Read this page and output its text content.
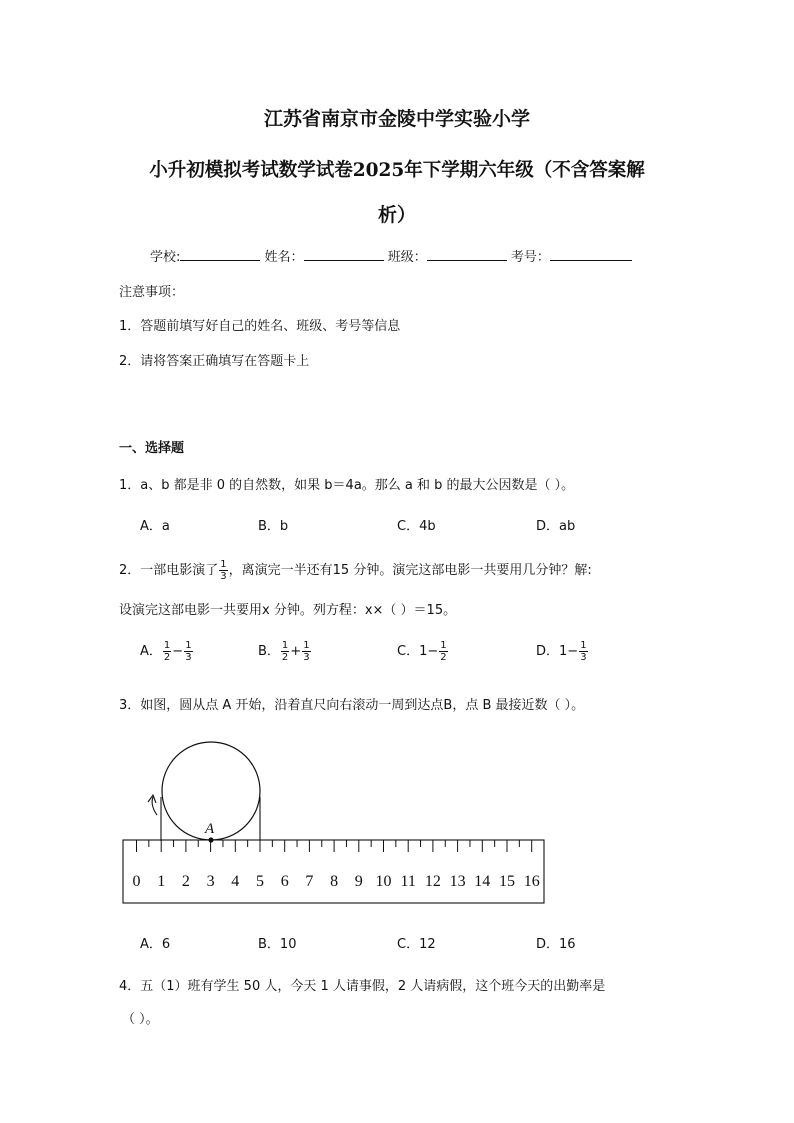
江苏省南京市金陵中学实验小学
小升初模拟考试数学试卷2025年下学期六年级（不含答案解
析）
学校:	姓名：	班级：	考号：
注意事项：
1．答题前填写好自己的姓名、班级、考号等信息
2．请将答案正确填写在答题卡上
一、选择题
1．a、b 都是非 0 的自然数，如果 b＝4a。那么 a 和 b 的最大公因数是（ ）。
A．a	B．b	C．4b	D．ab
2．一部电影演了 $\frac{1}{3}$ ，离演完一半还有15 分钟。演完这部电影一共要用几分钟？解:
设演完这部电影一共要用x 分钟。列方程：x×（ ）＝15。
A． $\frac{1}{2} - \frac{1}{3}$	B． $\frac{1}{2} + \frac{1}{3}$	C．$1- \frac{1}{2}$	D．$1- \frac{1}{3}$
3．如图，圆从点 A 开始，沿着直尺向右滚动一周到达点B，点 B 最接近数（ ）。
A
0 1 2 3 4 5 6 7 8 9 10 11 12 13 14 15 16
A．6	B．10	C．12	D．16
4．五（1）班有学生 50 人，今天 1 人请事假，2 人请病假，这个班今天的出勤率是
（ ）。
